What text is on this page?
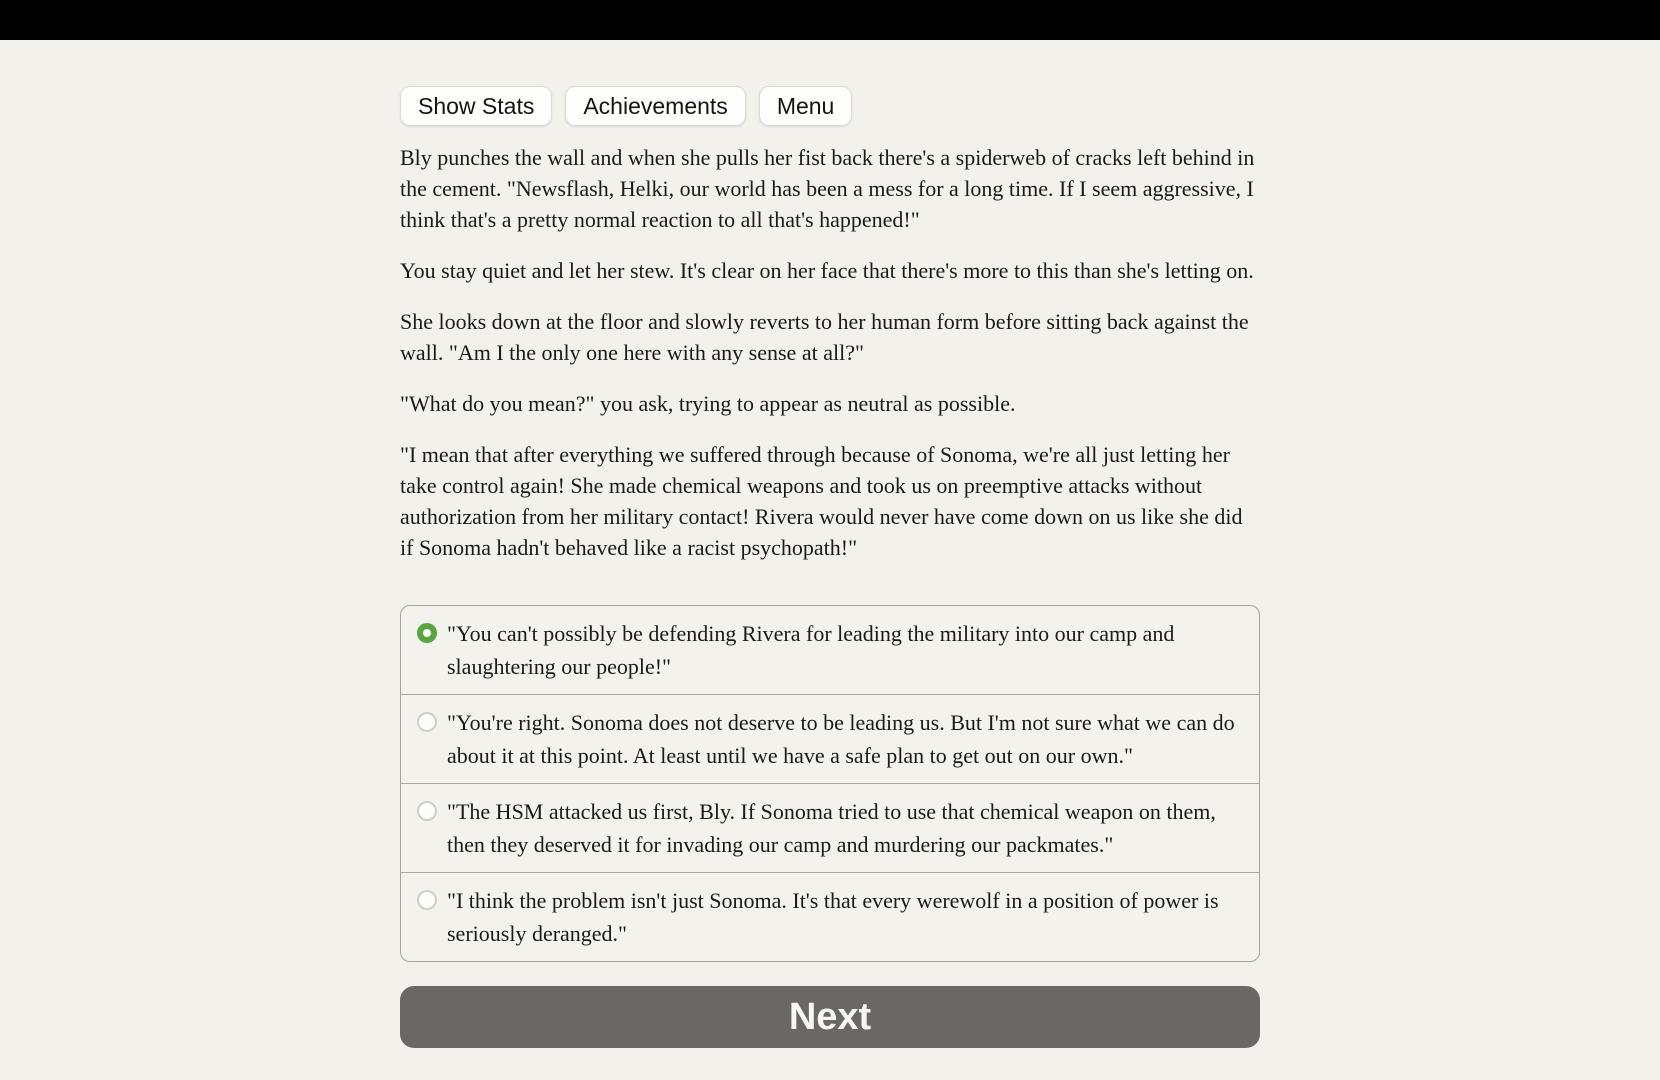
Show Stats	Achievements	Menu

Bly punches the wall and when she pulls her fist back there's a spiderweb of cracks left behind in the cement. "Newsflash, Helki, our world has been a mess for a long time. If I seem aggressive, I think that's a pretty normal reaction to all that's happened!"

You stay quiet and let her stew. It's clear on her face that there's more to this than she's letting on.

She looks down at the floor and slowly reverts to her human form before sitting back against the wall. "Am I the only one here with any sense at all?"

"What do you mean?" you ask, trying to appear as neutral as possible.

"I mean that after everything we suffered through because of Sonoma, we're all just letting her take control again! She made chemical weapons and took us on preemptive attacks without authorization from her military contact! Rivera would never have come down on us like she did if Sonoma hadn't behaved like a racist psychopath!"

"You can't possibly be defending Rivera for leading the military into our camp and slaughtering our people!"
"You're right. Sonoma does not deserve to be leading us. But I'm not sure what we can do about it at this point. At least until we have a safe plan to get out on our own."
"The HSM attacked us first, Bly. If Sonoma tried to use that chemical weapon on them, then they deserved it for invading our camp and murdering our packmates."
"I think the problem isn't just Sonoma. It's that every werewolf in a position of power is seriously deranged."
Next
